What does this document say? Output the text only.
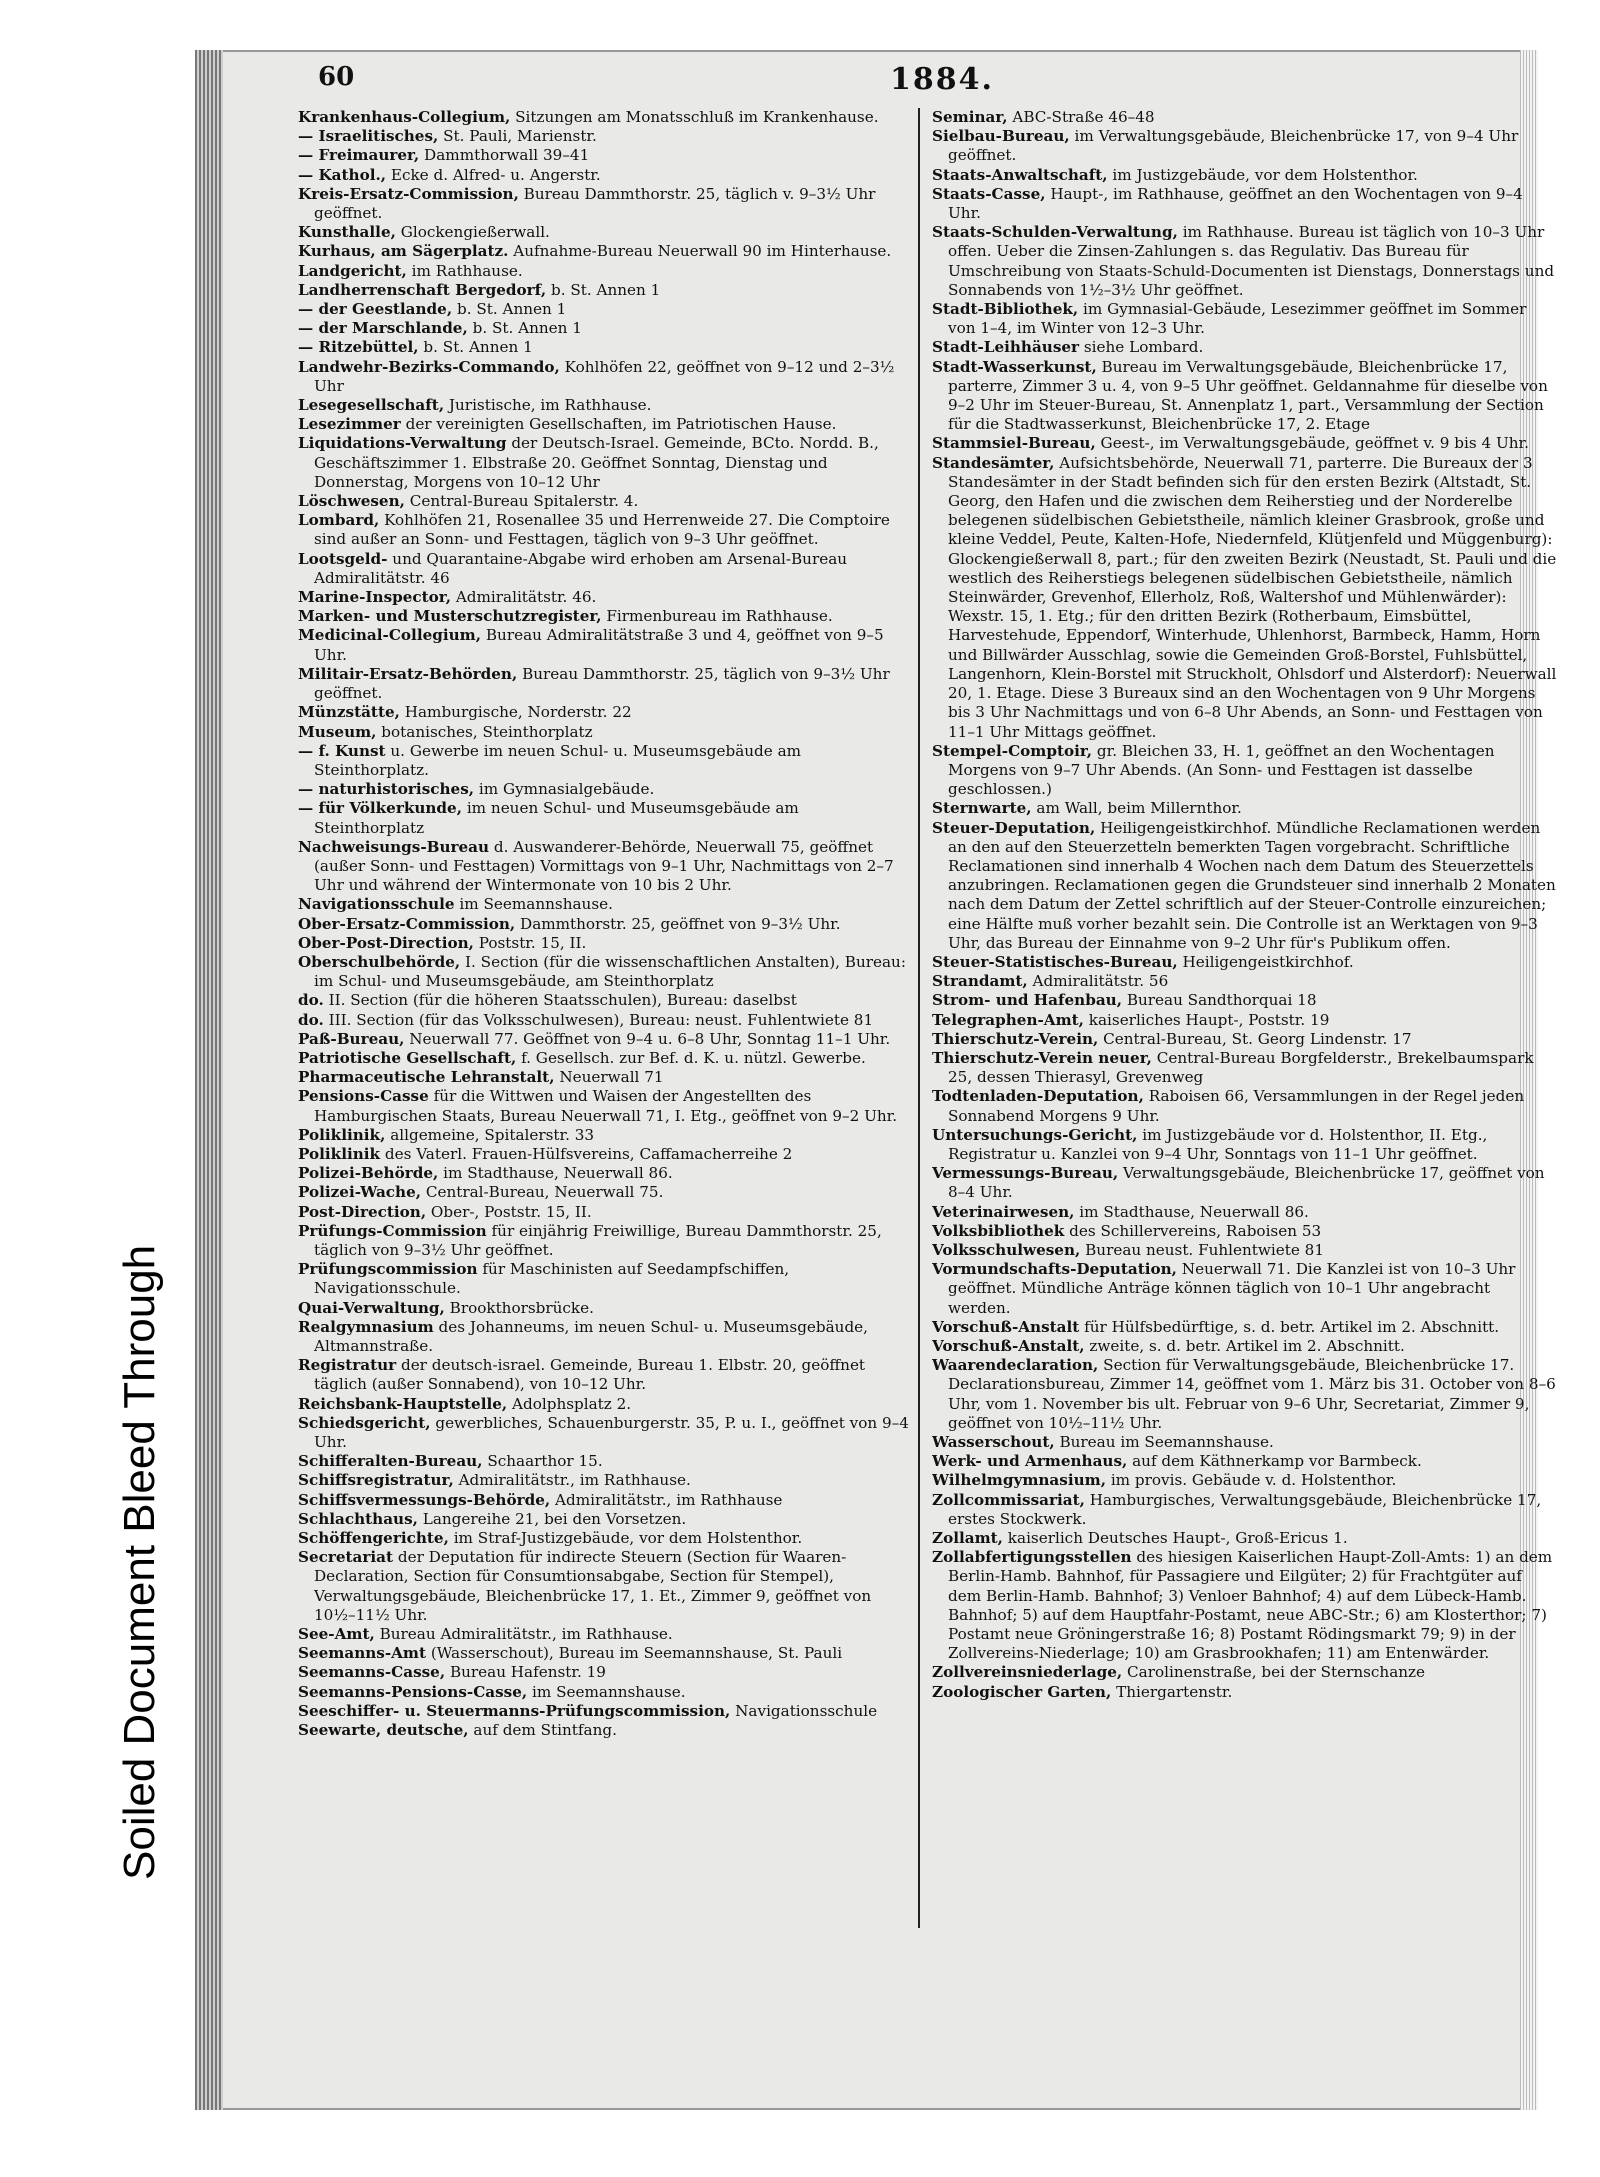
Soiled Document Bleed Through
60	1884.
Krankenhaus-Collegium, Sitzungen am Monatsschluß im Krankenhause.
— Israelitisches, St. Pauli, Marienstr.
— Freimaurer, Dammthorwall 39–41
— Kathol., Ecke d. Alfred- u. Angerstr.
Kreis-Ersatz-Commission, Bureau Dammthorstr. 25, täglich v. 9–3½ Uhr geöffnet.
Kunsthalle, Glockengießerwall.
Kurhaus, am Sägerplatz. Aufnahme-Bureau Neuerwall 90 im Hinterhause.
Landgericht, im Rathhause.
Landherrenschaft Bergedorf, b. St. Annen 1
— der Geestlande, b. St. Annen 1
— der Marschlande, b. St. Annen 1
— Ritzebüttel, b. St. Annen 1
Landwehr-Bezirks-Commando, Kohlhöfen 22, geöffnet von 9–12 und 2–3½ Uhr
Lesegesellschaft, Juristische, im Rathhause.
Lesezimmer der vereinigten Gesellschaften, im Patriotischen Hause.
Liquidations-Verwaltung der Deutsch-Israel. Gemeinde, BCto. Nordd. B., Geschäftszimmer 1. Elbstraße 20. Geöffnet Sonntag, Dienstag und Donnerstag, Morgens von 10–12 Uhr
Löschwesen, Central-Bureau Spitalerstr. 4.
Lombard, Kohlhöfen 21, Rosenallee 35 und Herrenweide 27. Die Comptoire sind außer an Sonn- und Festtagen, täglich von 9–3 Uhr geöffnet.
Lootsgeld- und Quarantaine-Abgabe wird erhoben am Arsenal-Bureau Admiralitätstr. 46
Marine-Inspector, Admiralitätstr. 46.
Marken- und Musterschutzregister, Firmenbureau im Rathhause.
Medicinal-Collegium, Bureau Admiralitätstraße 3 und 4, geöffnet von 9–5 Uhr.
Militair-Ersatz-Behörden, Bureau Dammthorstr. 25, täglich von 9–3½ Uhr geöffnet.
Münzstätte, Hamburgische, Norderstr. 22
Museum, botanisches, Steinthorplatz
— f. Kunst u. Gewerbe im neuen Schul- u. Museumsgebäude am Steinthorplatz.
— naturhistorisches, im Gymnasialgebäude.
— für Völkerkunde, im neuen Schul- und Museumsgebäude am Steinthorplatz
Nachweisungs-Bureau d. Auswanderer-Behörde, Neuerwall 75, geöffnet (außer Sonn- und Festtagen) Vormittags von 9–1 Uhr, Nachmittags von 2–7 Uhr und während der Wintermonate von 10 bis 2 Uhr.
Navigationsschule im Seemannshause.
Ober-Ersatz-Commission, Dammthorstr. 25, geöffnet von 9–3½ Uhr.
Ober-Post-Direction, Poststr. 15, II.
Oberschulbehörde, I. Section (für die wissenschaftlichen Anstalten), Bureau: im Schul- und Museumsgebäude, am Steinthorplatz
do. II. Section (für die höheren Staatsschulen), Bureau: daselbst
do. III. Section (für das Volksschulwesen), Bureau: neust. Fuhlentwiete 81
Paß-Bureau, Neuerwall 77. Geöffnet von 9–4 u. 6–8 Uhr, Sonntag 11–1 Uhr.
Patriotische Gesellschaft, f. Gesellsch. zur Bef. d. K. u. nützl. Gewerbe.
Pharmaceutische Lehranstalt, Neuerwall 71
Pensions-Casse für die Wittwen und Waisen der Angestellten des Hamburgischen Staats, Bureau Neuerwall 71, I. Etg., geöffnet von 9–2 Uhr.
Poliklinik, allgemeine, Spitalerstr. 33
Poliklinik des Vaterl. Frauen-Hülfsvereins, Caffamacherreihe 2
Polizei-Behörde, im Stadthause, Neuerwall 86.
Polizei-Wache, Central-Bureau, Neuerwall 75.
Post-Direction, Ober-, Poststr. 15, II.
Prüfungs-Commission für einjährig Freiwillige, Bureau Dammthorstr. 25, täglich von 9–3½ Uhr geöffnet.
Prüfungscommission für Maschinisten auf Seedampfschiffen, Navigationsschule.
Quai-Verwaltung, Brookthorsbrücke.
Realgymnasium des Johanneums, im neuen Schul- u. Museumsgebäude, Altmannstraße.
Registratur der deutsch-israel. Gemeinde, Bureau 1. Elbstr. 20, geöffnet täglich (außer Sonnabend), von 10–12 Uhr.
Reichsbank-Hauptstelle, Adolphsplatz 2.
Schiedsgericht, gewerbliches, Schauenburgerstr. 35, P. u. I., geöffnet von 9–4 Uhr.
Schifferalten-Bureau, Schaarthor 15.
Schiffsregistratur, Admiralitätstr., im Rathhause.
Schiffsvermessungs-Behörde, Admiralitätstr., im Rathhause
Schlachthaus, Langereihe 21, bei den Vorsetzen.
Schöffengerichte, im Straf-Justizgebäude, vor dem Holstenthor.
Secretariat der Deputation für indirecte Steuern (Section für Waaren-Declaration, Section für Consumtionsabgabe, Section für Stempel), Verwaltungsgebäude, Bleichenbrücke 17, 1. Et., Zimmer 9, geöffnet von 10½–11½ Uhr.
See-Amt, Bureau Admiralitätstr., im Rathhause.
Seemanns-Amt (Wasserschout), Bureau im Seemannshause, St. Pauli
Seemanns-Casse, Bureau Hafenstr. 19
Seemanns-Pensions-Casse, im Seemannshause.
Seeschiffer- u. Steuermanns-Prüfungscommission, Navigationsschule
Seewarte, deutsche, auf dem Stintfang.
Seminar, ABC-Straße 46–48
Sielbau-Bureau, im Verwaltungsgebäude, Bleichenbrücke 17, von 9–4 Uhr geöffnet.
Staats-Anwaltschaft, im Justizgebäude, vor dem Holstenthor.
Staats-Casse, Haupt-, im Rathhause, geöffnet an den Wochentagen von 9–4 Uhr.
Staats-Schulden-Verwaltung, im Rathhause. Bureau ist täglich von 10–3 Uhr offen. Ueber die Zinsen-Zahlungen s. das Regulativ. Das Bureau für Umschreibung von Staats-Schuld-Documenten ist Dienstags, Donnerstags und Sonnabends von 1½–3½ Uhr geöffnet.
Stadt-Bibliothek, im Gymnasial-Gebäude, Lesezimmer geöffnet im Sommer von 1–4, im Winter von 12–3 Uhr.
Stadt-Leihhäuser siehe Lombard.
Stadt-Wasserkunst, Bureau im Verwaltungsgebäude, Bleichenbrücke 17, parterre, Zimmer 3 u. 4, von 9–5 Uhr geöffnet. Geldannahme für dieselbe von 9–2 Uhr im Steuer-Bureau, St. Annenplatz 1, part., Versammlung der Section für die Stadtwasserkunst, Bleichenbrücke 17, 2. Etage
Stammsiel-Bureau, Geest-, im Verwaltungsgebäude, geöffnet v. 9 bis 4 Uhr.
Standesämter, Aufsichtsbehörde, Neuerwall 71, parterre. Die Bureaux der 3 Standesämter in der Stadt befinden sich für den ersten Bezirk (Altstadt, St. Georg, den Hafen und die zwischen dem Reiherstieg und der Norderelbe belegenen südelbischen Gebietstheile, nämlich kleiner Grasbrook, große und kleine Veddel, Peute, Kalten-Hofe, Niedernfeld, Klütjenfeld und Müggenburg): Glockengießerwall 8, part.; für den zweiten Bezirk (Neustadt, St. Pauli und die westlich des Reiherstiegs belegenen südelbischen Gebietstheile, nämlich Steinwärder, Grevenhof, Ellerholz, Roß, Waltershof und Mühlenwärder): Wexstr. 15, 1. Etg.; für den dritten Bezirk (Rotherbaum, Eimsbüttel, Harvestehude, Eppendorf, Winterhude, Uhlenhorst, Barmbeck, Hamm, Horn und Billwärder Ausschlag, sowie die Gemeinden Groß-Borstel, Fuhlsbüttel, Langenhorn, Klein-Borstel mit Struckholt, Ohlsdorf und Alsterdorf): Neuerwall 20, 1. Etage. Diese 3 Bureaux sind an den Wochentagen von 9 Uhr Morgens bis 3 Uhr Nachmittags und von 6–8 Uhr Abends, an Sonn- und Festtagen von 11–1 Uhr Mittags geöffnet.
Stempel-Comptoir, gr. Bleichen 33, H. 1, geöffnet an den Wochentagen Morgens von 9–7 Uhr Abends. (An Sonn- und Festtagen ist dasselbe geschlossen.)
Sternwarte, am Wall, beim Millernthor.
Steuer-Deputation, Heiligengeistkirchhof. Mündliche Reclamationen werden an den auf den Steuerzetteln bemerkten Tagen vorgebracht. Schriftliche Reclamationen sind innerhalb 4 Wochen nach dem Datum des Steuerzettels anzubringen. Reclamationen gegen die Grundsteuer sind innerhalb 2 Monaten nach dem Datum der Zettel schriftlich auf der Steuer-Controlle einzureichen; eine Hälfte muß vorher bezahlt sein. Die Controlle ist an Werktagen von 9–3 Uhr, das Bureau der Einnahme von 9–2 Uhr für's Publikum offen.
Steuer-Statistisches-Bureau, Heiligengeistkirchhof.
Strandamt, Admiralitätstr. 56
Strom- und Hafenbau, Bureau Sandthorquai 18
Telegraphen-Amt, kaiserliches Haupt-, Poststr. 19
Thierschutz-Verein, Central-Bureau, St. Georg Lindenstr. 17
Thierschutz-Verein neuer, Central-Bureau Borgfelderstr., Brekelbaumspark 25, dessen Thierasyl, Grevenweg
Todtenladen-Deputation, Raboisen 66, Versammlungen in der Regel jeden Sonnabend Morgens 9 Uhr.
Untersuchungs-Gericht, im Justizgebäude vor d. Holstenthor, II. Etg., Registratur u. Kanzlei von 9–4 Uhr, Sonntags von 11–1 Uhr geöffnet.
Vermessungs-Bureau, Verwaltungsgebäude, Bleichenbrücke 17, geöffnet von 8–4 Uhr.
Veterinairwesen, im Stadthause, Neuerwall 86.
Volksbibliothek des Schillervereins, Raboisen 53
Volksschulwesen, Bureau neust. Fuhlentwiete 81
Vormundschafts-Deputation, Neuerwall 71. Die Kanzlei ist von 10–3 Uhr geöffnet. Mündliche Anträge können täglich von 10–1 Uhr angebracht werden.
Vorschuß-Anstalt für Hülfsbedürftige, s. d. betr. Artikel im 2. Abschnitt.
Vorschuß-Anstalt, zweite, s. d. betr. Artikel im 2. Abschnitt.
Waarendeclaration, Section für Verwaltungsgebäude, Bleichenbrücke 17. Declarationsbureau, Zimmer 14, geöffnet vom 1. März bis 31. October von 8–6 Uhr, vom 1. November bis ult. Februar von 9–6 Uhr, Secretariat, Zimmer 9, geöffnet von 10½–11½ Uhr.
Wasserschout, Bureau im Seemannshause.
Werk- und Armenhaus, auf dem Käthnerkamp vor Barmbeck.
Wilhelmgymnasium, im provis. Gebäude v. d. Holstenthor.
Zollcommissariat, Hamburgisches, Verwaltungsgebäude, Bleichenbrücke 17, erstes Stockwerk.
Zollamt, kaiserlich Deutsches Haupt-, Groß-Ericus 1.
Zollabfertigungsstellen des hiesigen Kaiserlichen Haupt-Zoll-Amts: 1) an dem Berlin-Hamb. Bahnhof, für Passagiere und Eilgüter; 2) für Frachtgüter auf dem Berlin-Hamb. Bahnhof; 3) Venloer Bahnhof; 4) auf dem Lübeck-Hamb. Bahnhof; 5) auf dem Hauptfahr-Postamt, neue ABC-Str.; 6) am Klosterthor; 7) Postamt neue Gröningerstraße 16; 8) Postamt Rödingsmarkt 79; 9) in der Zollvereins-Niederlage; 10) am Grasbrookhafen; 11) am Entenwärder.
Zollvereinsniederlage, Carolinenstraße, bei der Sternschanze
Zoologischer Garten, Thiergartenstr.
